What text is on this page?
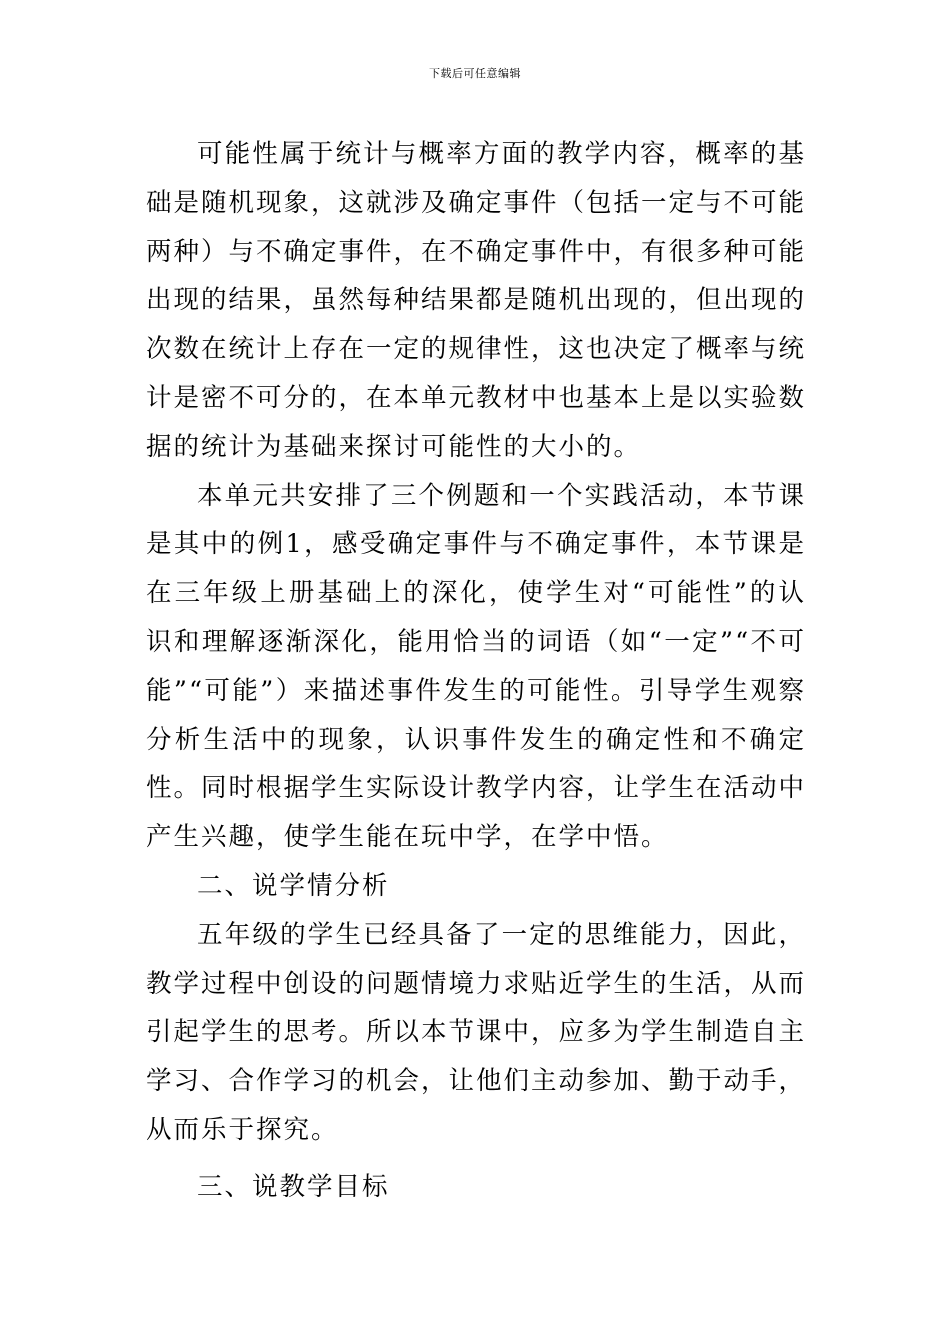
下载后可任意编辑

可能性属于统计与概率方面的教学内容，概率的基础是随机现象，这就涉及确定事件（包括一定与不可能两种）与不确定事件，在不确定事件中，有很多种可能出现的结果，虽然每种结果都是随机出现的，但出现的次数在统计上存在一定的规律性，这也决定了概率与统计是密不可分的，在本单元教材中也基本上是以实验数据的统计为基础来探讨可能性的大小的。

本单元共安排了三个例题和一个实践活动，本节课是其中的例1，感受确定事件与不确定事件，本节课是在三年级上册基础上的深化，使学生对“可能性”的认识和理解逐渐深化，能用恰当的词语（如“一定”“不可能”“可能”）来描述事件发生的可能性。引导学生观察分析生活中的现象，认识事件发生的确定性和不确定性。同时根据学生实际设计教学内容，让学生在活动中产生兴趣，使学生能在玩中学，在学中悟。

二、说学情分析

五年级的学生已经具备了一定的思维能力，因此，教学过程中创设的问题情境力求贴近学生的生活，从而引起学生的思考。所以本节课中，应多为学生制造自主学习、合作学习的机会，让他们主动参加、勤于动手，从而乐于探究。

三、说教学目标
